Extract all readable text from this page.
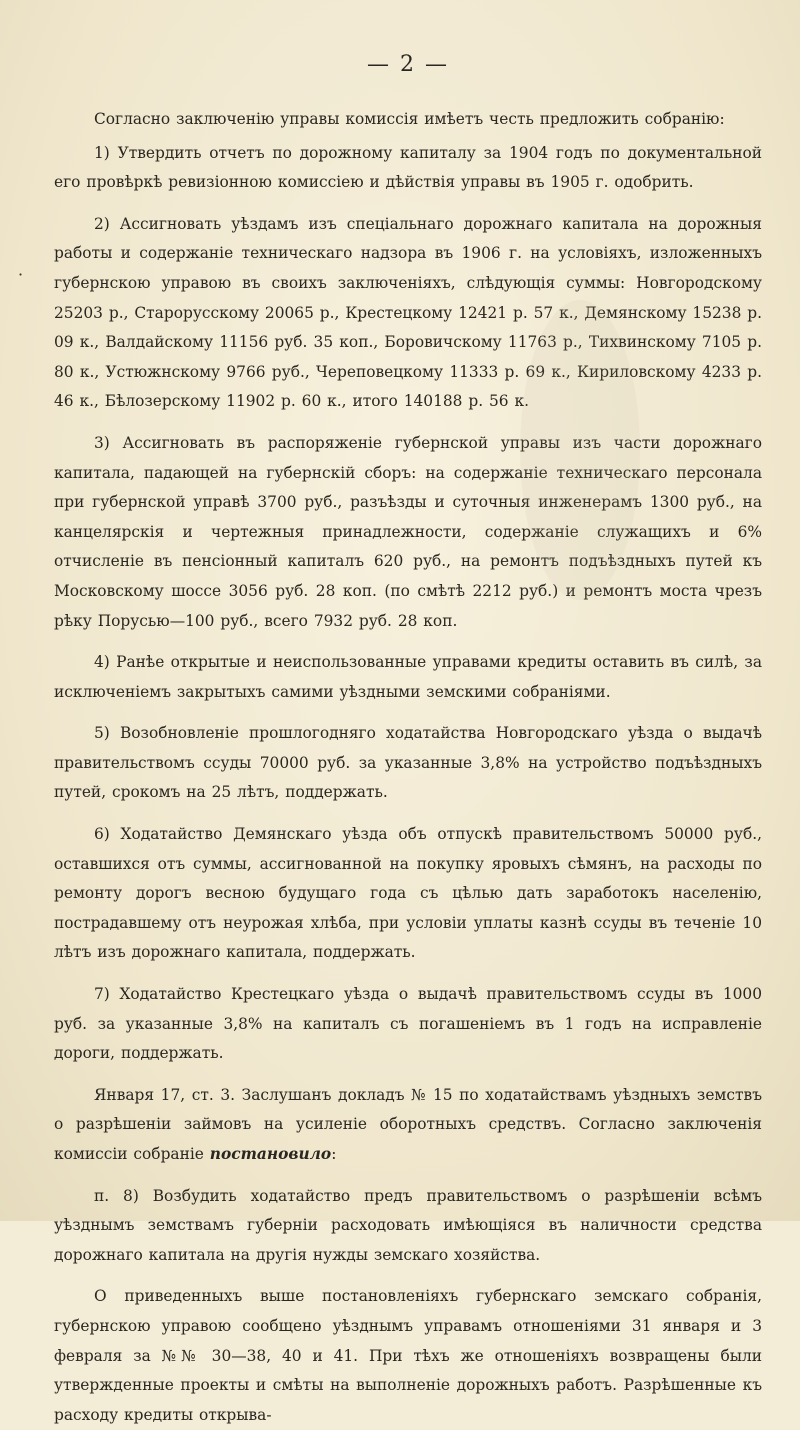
·
— 2 —

Согласно заключенію управы комиссія имѣетъ честь предложить собранію:

1) Утвердить отчетъ по дорожному капиталу за 1904 годъ по документальной его провѣркѣ ревизіонною комиссіею и дѣйствія управы въ 1905 г. одобрить.

2) Ассигновать уѣздамъ изъ спеціальнаго дорожнаго капитала на дорожныя работы и содержаніе техническаго надзора въ 1906 г. на условіяхъ, изложенныхъ губернскою управою въ своихъ заключеніяхъ, слѣдующія суммы: Новгородскому 25203 р., Старорусскому 20065 р., Крестецкому 12421 р. 57 к., Демянскому 15238 р. 09 к., Валдайскому 11156 руб. 35 коп., Боровичскому 11763 р., Тихвинскому 7105 р. 80 к., Устюжнскому 9766 руб., Череповецкому 11333 р. 69 к., Кириловскому 4233 р. 46 к., Бѣлозерскому 11902 р. 60 к., итого 140188 р. 56 к.

3) Ассигновать въ распоряженіе губернской управы изъ части дорожнаго капитала, падающей на губернскій сборъ: на содержаніе техническаго персонала при губернской управѣ 3700 руб., разъѣзды и суточныя инженерамъ 1300 руб., на канцелярскія и чертежныя принадлежности, содержаніе служащихъ и 6% отчисленіе въ пенсіонный капиталъ 620 руб., на ремонтъ подъѣздныхъ путей къ Московскому шоссе 3056 руб. 28 коп. (по смѣтѣ 2212 руб.) и ремонтъ моста чрезъ рѣку Порусью—100 руб., всего 7932 руб. 28 коп.

4) Ранѣе открытые и неиспользованные управами кредиты оставить въ силѣ, за исключеніемъ закрытыхъ самими уѣздными земскими собраніями.

5) Возобновленіе прошлогодняго ходатайства Новгородскаго уѣзда о выдачѣ правительствомъ ссуды 70000 руб. за указанные 3,8% на устройство подъѣздныхъ путей, срокомъ на 25 лѣтъ, поддержать.

6) Ходатайство Демянскаго уѣзда объ отпускѣ правительствомъ 50000 руб., оставшихся отъ суммы, ассигнованной на покупку яровыхъ сѣмянъ, на расходы по ремонту дорогъ весною будущаго года съ цѣлью дать заработокъ населенію, пострадавшему отъ неурожая хлѣба, при условіи уплаты казнѣ ссуды въ теченіе 10 лѣтъ изъ дорожнаго капитала, поддержать.

7) Ходатайство Крестецкаго уѣзда о выдачѣ правительствомъ ссуды въ 1000 руб. за указанные 3,8% на капиталъ съ погашеніемъ въ 1 годъ на исправленіе дороги, поддержать.

Января 17, ст. 3. Заслушанъ докладъ № 15 по ходатайствамъ уѣздныхъ земствъ о разрѣшеніи займовъ на усиленіе оборотныхъ средствъ. Согласно заключенія комиссіи собраніе постановило:

п. 8) Возбудить ходатайство предъ правительствомъ о разрѣшеніи всѣмъ уѣзднымъ земствамъ губерніи расходовать имѣющіяся въ наличности средства дорожнаго капитала на другія нужды земскаго хозяйства.

О приведенныхъ выше постановленіяхъ губернскаго земскаго собранія, губернскою управою сообщено уѣзднымъ управамъ отношеніями 31 января и 3 февраля за №№ 30—38, 40 и 41. При тѣхъ же отношеніяхъ возвращены были утвержденные проекты и смѣты на выполненіе дорожныхъ работъ. Разрѣшенные къ расходу кредиты открыва-
